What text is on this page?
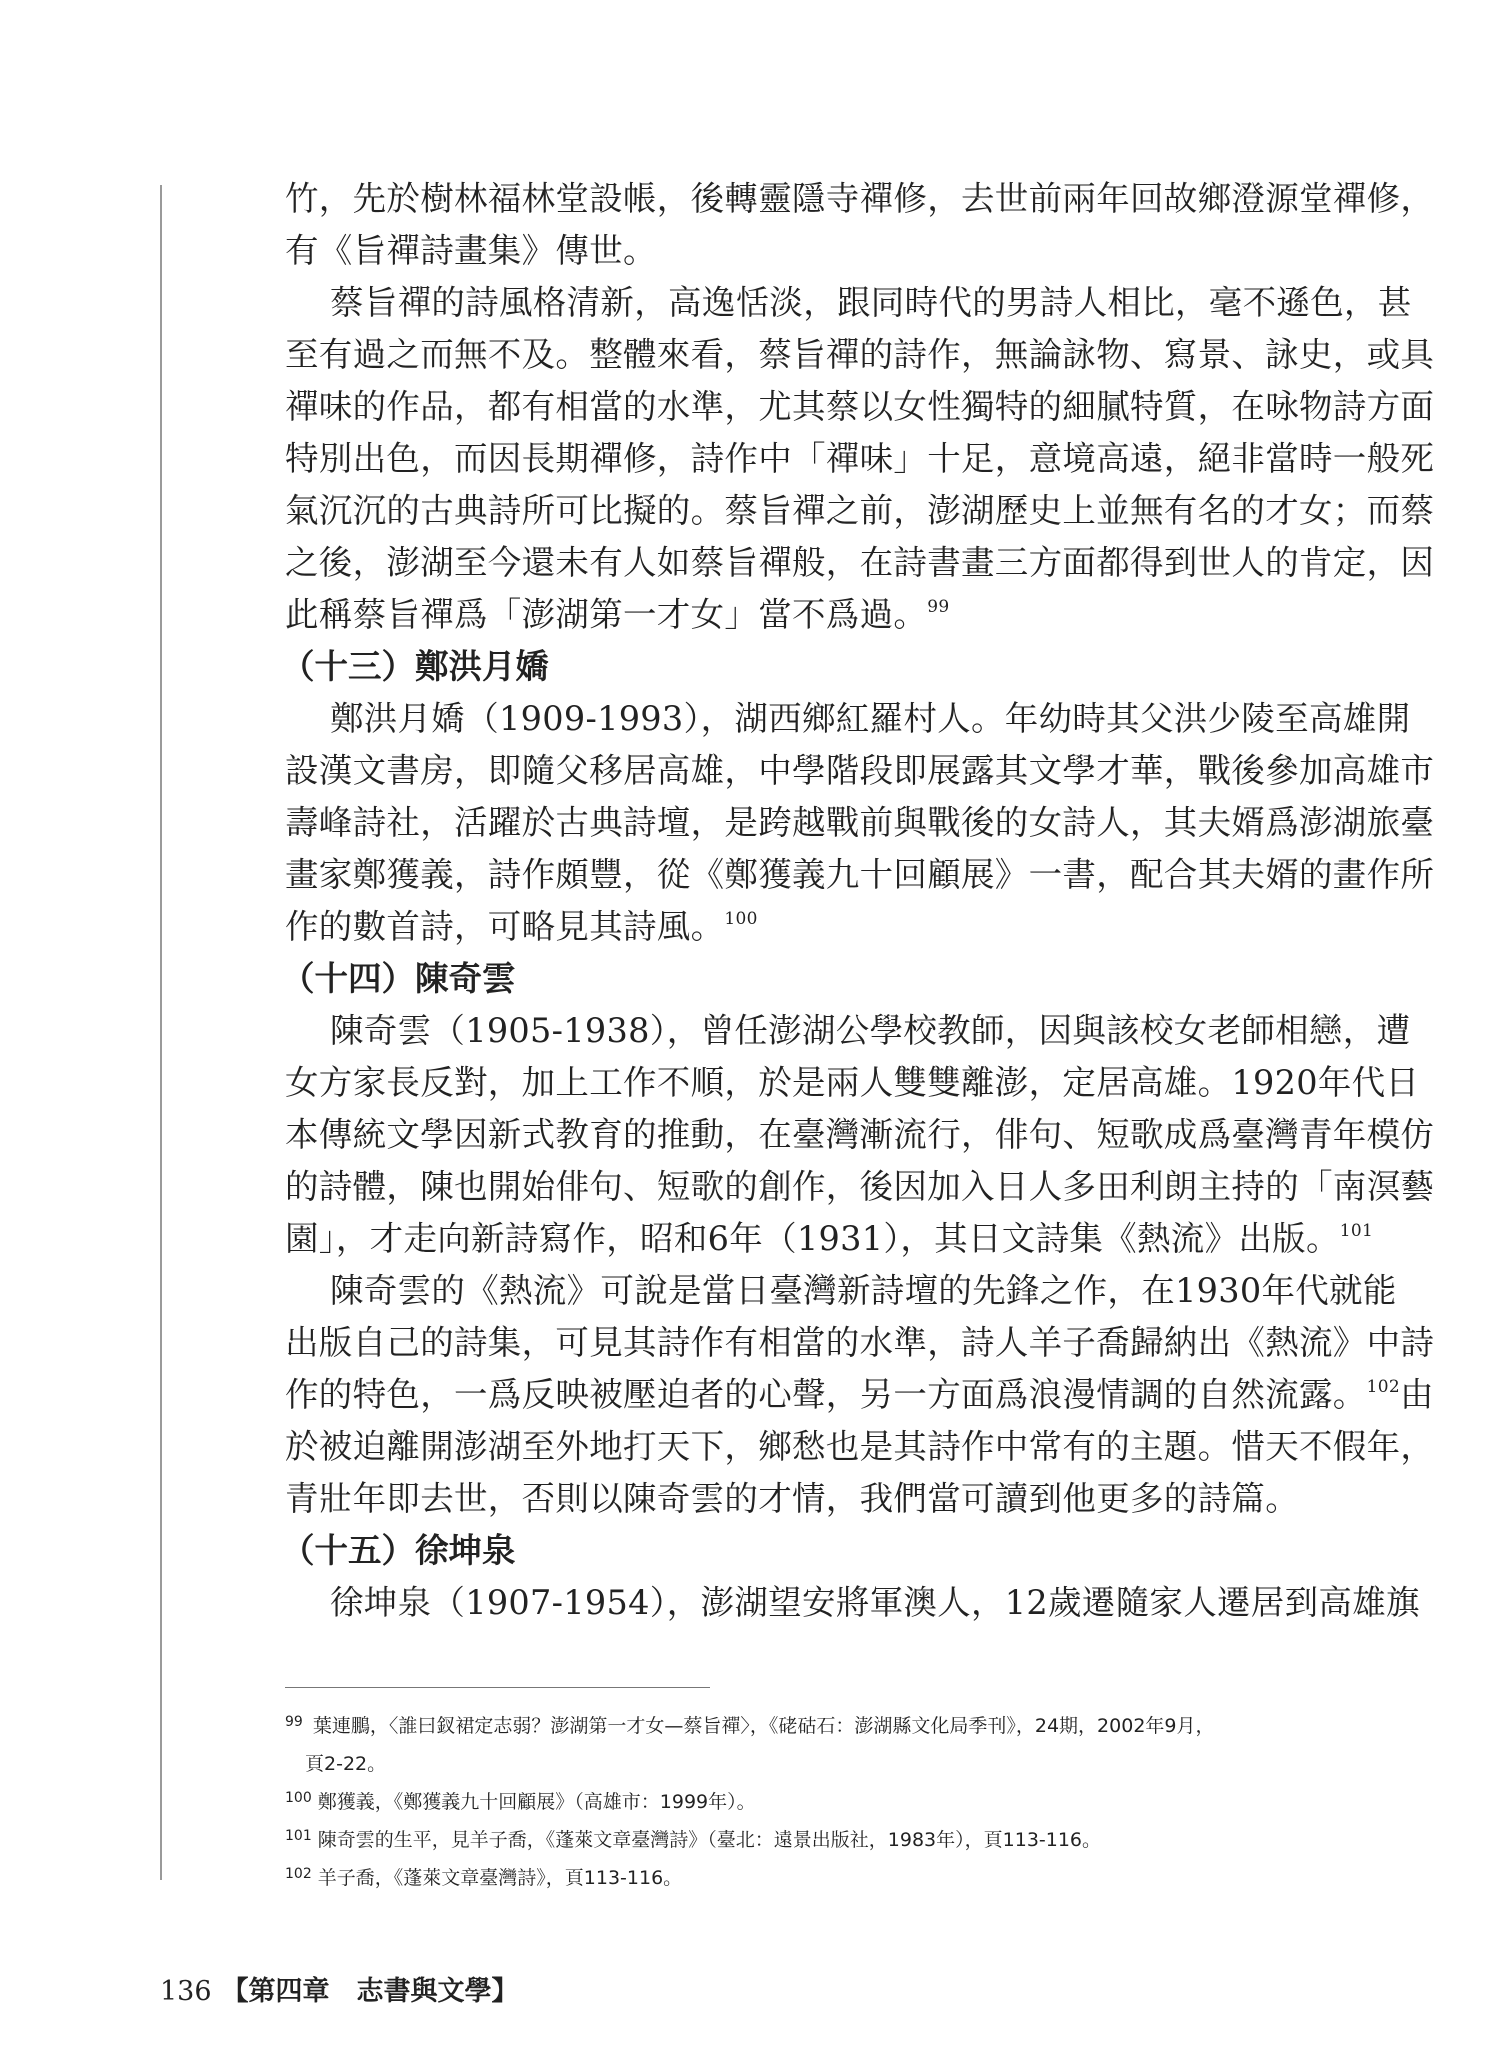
竹，先於樹林福林堂設帳，後轉靈隱寺禪修，去世前兩年回故鄉澄源堂禪修，
有《旨禪詩畫集》傳世。
蔡旨禪的詩風格清新，高逸恬淡，跟同時代的男詩人相比，毫不遜色，甚
至有過之而無不及。整體來看，蔡旨禪的詩作，無論詠物、寫景、詠史，或具
禪味的作品，都有相當的水準，尤其蔡以女性獨特的細膩特質，在咏物詩方面
特別出色，而因長期禪修，詩作中「禪味」十足，意境高遠，絕非當時一般死
氣沉沉的古典詩所可比擬的。蔡旨禪之前，澎湖歷史上並無有名的才女；而蔡
之後，澎湖至今還未有人如蔡旨禪般，在詩書畫三方面都得到世人的肯定，因
此稱蔡旨禪爲「澎湖第一才女」當不爲過。$^{99}$
（十三）鄭洪月嬌
鄭洪月嬌（1909-1993），湖西鄉紅羅村人。年幼時其父洪少陵至高雄開
設漢文書房，即隨父移居高雄，中學階段即展露其文學才華，戰後參加高雄市
壽峰詩社，活躍於古典詩壇，是跨越戰前與戰後的女詩人，其夫婿爲澎湖旅臺
畫家鄭獲義，詩作頗豐，從《鄭獲義九十回顧展》一書，配合其夫婿的畫作所
作的數首詩，可略見其詩風。$^{100}$
（十四）陳奇雲
陳奇雲（1905-1938），曾任澎湖公學校教師，因與該校女老師相戀，遭
女方家長反對，加上工作不順，於是兩人雙雙離澎，定居高雄。1920年代日
本傳統文學因新式教育的推動，在臺灣漸流行，俳句、短歌成爲臺灣青年模仿
的詩體，陳也開始俳句、短歌的創作，後因加入日人多田利朗主持的「南溟藝
園」，才走向新詩寫作，昭和6年（1931），其日文詩集《熱流》出版。$^{101}$
陳奇雲的《熱流》可說是當日臺灣新詩壇的先鋒之作，在1930年代就能
出版自己的詩集，可見其詩作有相當的水準，詩人羊子喬歸納出《熱流》中詩
作的特色，一爲反映被壓迫者的心聲，另一方面爲浪漫情調的自然流露。$^{102}$由
於被迫離開澎湖至外地打天下，鄉愁也是其詩作中常有的主題。惜天不假年，
青壯年即去世，否則以陳奇雲的才情，我們當可讀到他更多的詩篇。
（十五）徐坤泉
徐坤泉（1907-1954），澎湖望安將軍澳人，12歲遷隨家人遷居到高雄旗
$^{99}$ 葉連鵬，〈誰曰釵裙定志弱？澎湖第一才女—蔡旨禪〉，《硓𥑮石：澎湖縣文化局季刊》，24期，2002年9月，
頁2-22。
$^{100}$ 鄭獲義，《鄭獲義九十回顧展》（高雄市：1999年）。
$^{101}$ 陳奇雲的生平，見羊子喬，《蓬萊文章臺灣詩》（臺北：遠景出版社，1983年），頁113-116。
$^{102}$ 羊子喬，《蓬萊文章臺灣詩》，頁113-116。
136 【第四章　志書與文學】
